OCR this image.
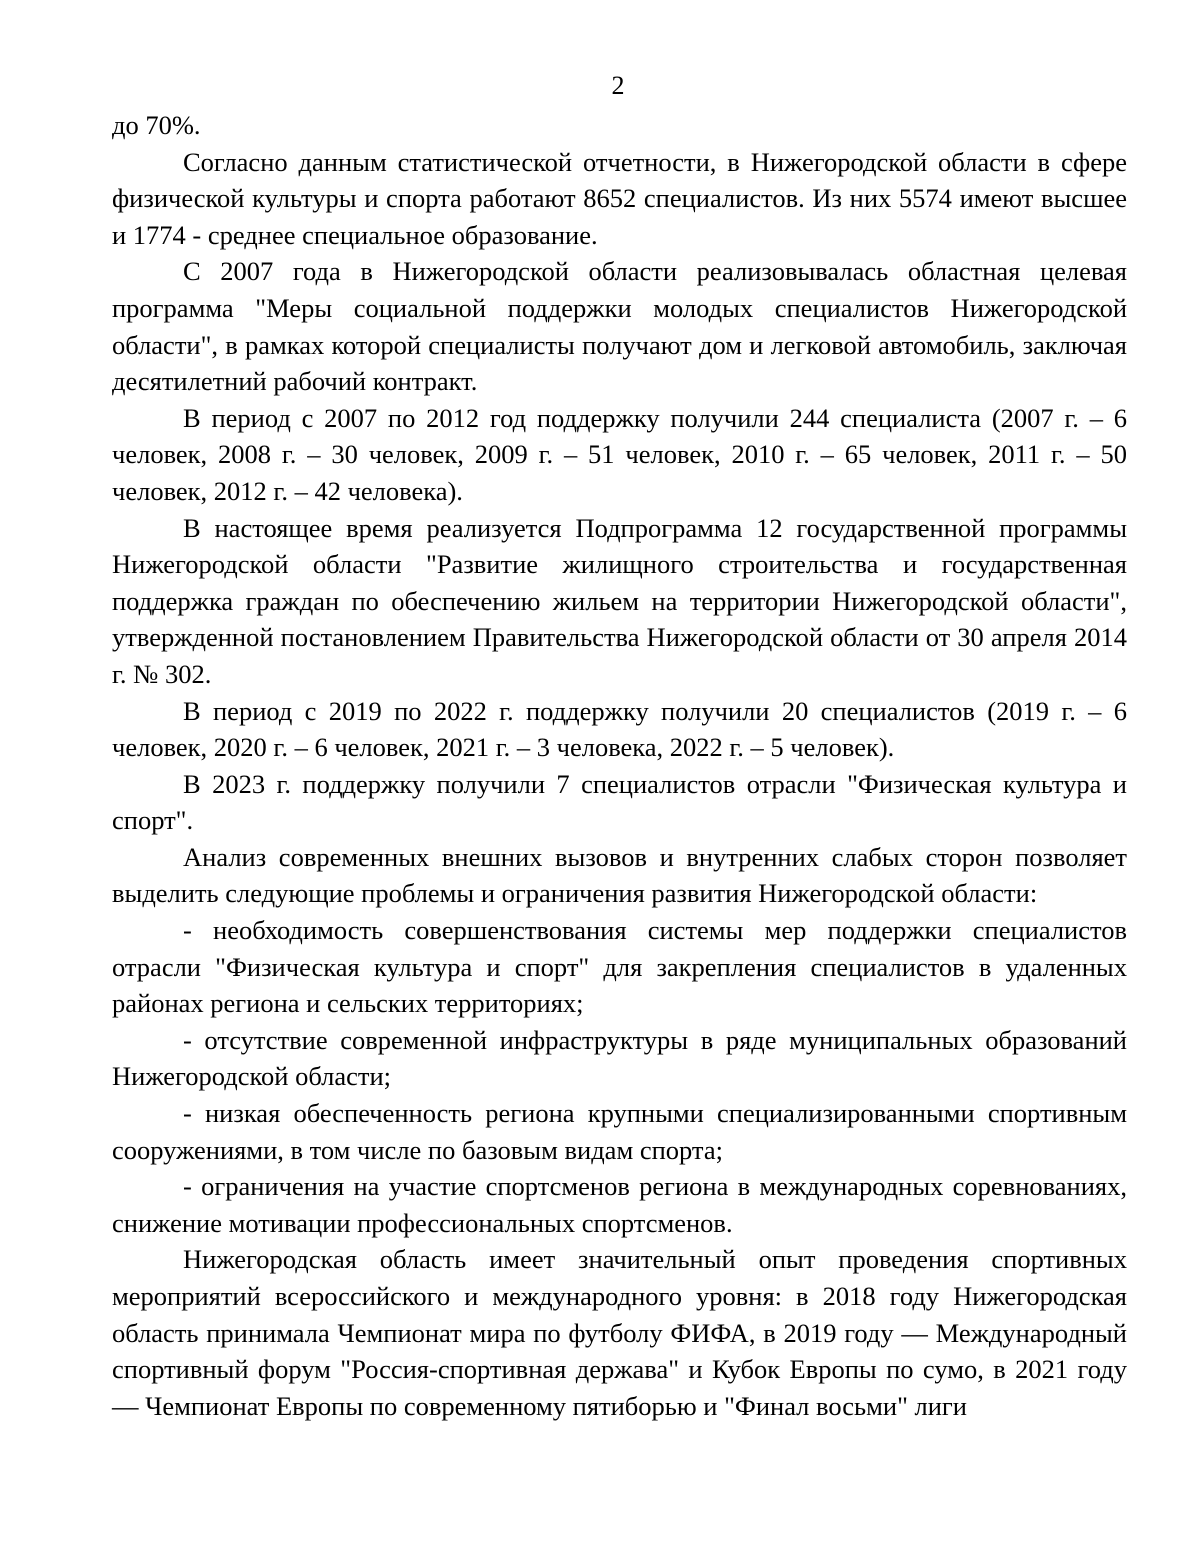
2

до 70%.

Согласно данным статистической отчетности, в Нижегородской области в сфере физической культуры и спорта работают 8652 специалистов. Из них 5574 имеют высшее и 1774 - среднее специальное образование.

С 2007 года в Нижегородской области реализовывалась областная целевая программа "Меры социальной поддержки молодых специалистов Нижегородской области", в рамках которой специалисты получают дом и легковой автомобиль, заключая десятилетний рабочий контракт.

В период с 2007 по 2012 год поддержку получили 244 специалиста (2007 г. – 6 человек, 2008 г. – 30 человек, 2009 г. – 51 человек, 2010 г. – 65 человек, 2011 г. – 50 человек, 2012 г. – 42 человека).

В настоящее время реализуется Подпрограмма 12 государственной программы Нижегородской области "Развитие жилищного строительства и государственная поддержка граждан по обеспечению жильем на территории Нижегородской области", утвержденной постановлением Правительства Нижегородской области от 30 апреля 2014 г. № 302.

В период с 2019 по 2022 г. поддержку получили 20 специалистов (2019 г. – 6 человек, 2020 г. – 6 человек, 2021 г. – 3 человека, 2022 г. – 5 человек).

В 2023 г. поддержку получили 7 специалистов отрасли "Физическая культура и спорт".

Анализ современных внешних вызовов и внутренних слабых сторон позволяет выделить следующие проблемы и ограничения развития Нижегородской области:

- необходимость совершенствования системы мер поддержки специалистов отрасли "Физическая культура и спорт" для закрепления специалистов в удаленных районах региона и сельских территориях;

- отсутствие современной инфраструктуры в ряде муниципальных образований Нижегородской области;

- низкая обеспеченность региона крупными специализированными спортивным сооружениями, в том числе по базовым видам спорта;

- ограничения на участие спортсменов региона в международных соревнованиях, снижение мотивации профессиональных спортсменов.

Нижегородская область имеет значительный опыт проведения спортивных мероприятий всероссийского и международного уровня: в 2018 году Нижегородская область принимала Чемпионат мира по футболу ФИФА, в 2019 году — Международный спортивный форум "Россия-спортивная держава" и Кубок Европы по сумо, в 2021 году — Чемпионат Европы по современному пятиборью и "Финал восьми" лиги
